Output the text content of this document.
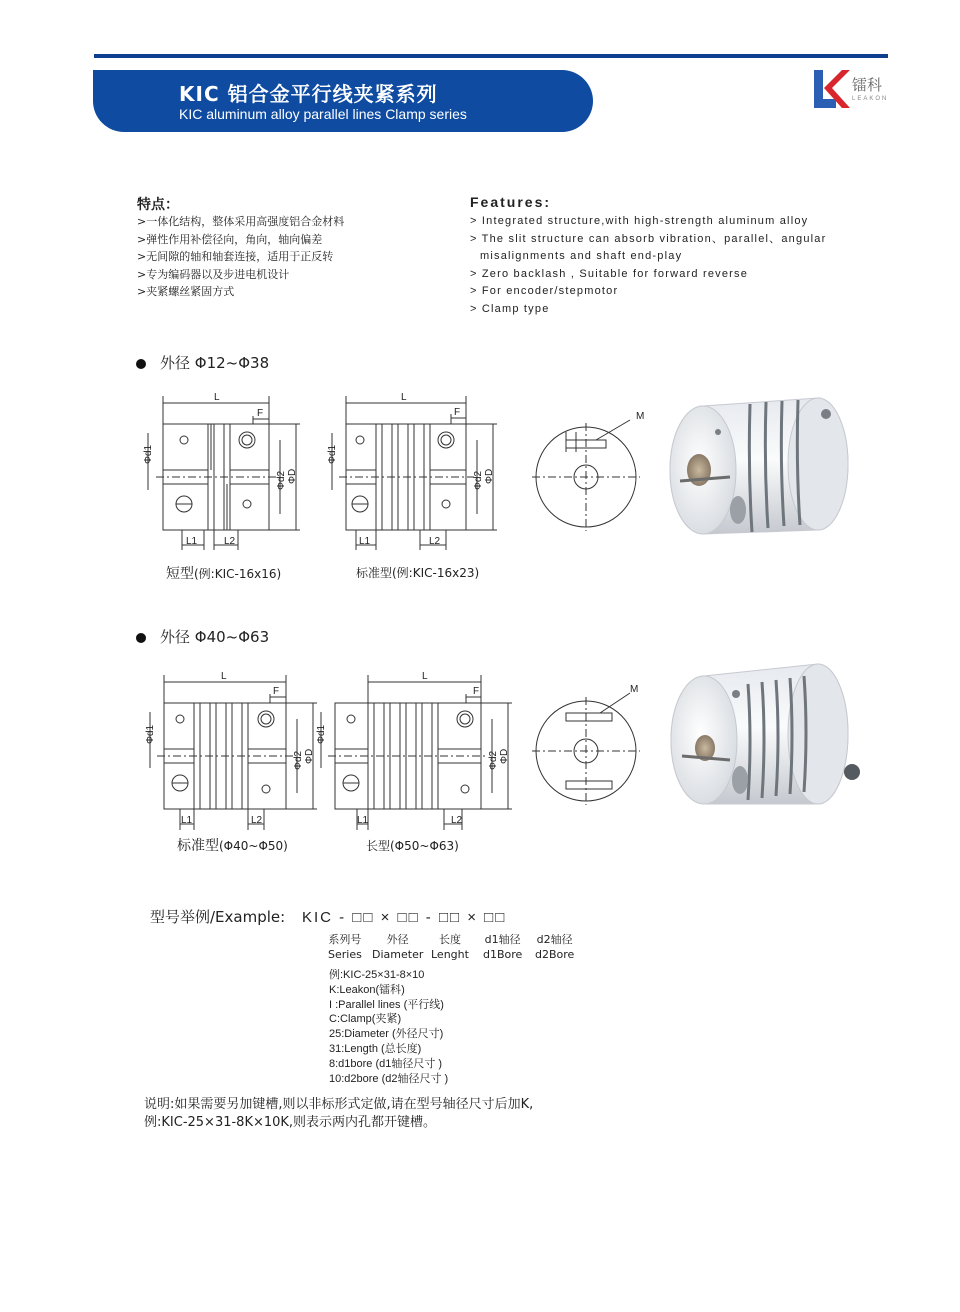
KIC 铝合金平行线夹紧系列
KIC aluminum alloy parallel lines Clamp series
镭科
LEAKON
特点：
>一体化结构，整体采用高强度铝合金材料
>弹性作用补偿径向，角向，轴向偏差
>无间隙的轴和轴套连接，适用于正反转
>专为编码器以及步进电机设计
>夹紧螺丝紧固方式
Features:
> Integrated structure,with high-strength aluminum alloy
> The slit structure can absorb vibration、parallel、angular
misalignments and shaft end-play
> Zero backlash , Suitable for forward reverse
> For encoder/stepmotor
> Clamp type
外径 Φ12~Φ38
外径 Φ40~Φ63
L
F
L1	L2
L
F
L1	L2
M
L
F
L1	L2
L
F
L1	L2
M
Φd1
Φd2 ΦD
Φd1
Φd2 ΦD
Φd1
Φd2 ΦD
Φd1
Φd2 ΦD
短型(例:KIC-16x16)	标准型(例:KIC-16x23)
标准型(Φ40~Φ50)	长型(Φ50~Φ63)
型号举例/Example: KIC - □□ × □□ - □□ × □□
系列号
Series
外径
Diameter
长度
Lenght
d1轴径
d1Bore
d2轴径
d2Bore
例:KIC-25×31-8×10
K:Leakon(镭科)
I :Parallel lines (平行线)
C:Clamp(夹紧)
25:Diameter (外径尺寸)
31:Length (总长度)
8:d1bore (d1轴径尺寸 )
10:d2bore (d2轴径尺寸 )
说明:如果需要另加键槽,则以非标形式定做,请在型号轴径尺寸后加K,
例:KIC-25×31-8K×10K,则表示两内孔都开键槽。
